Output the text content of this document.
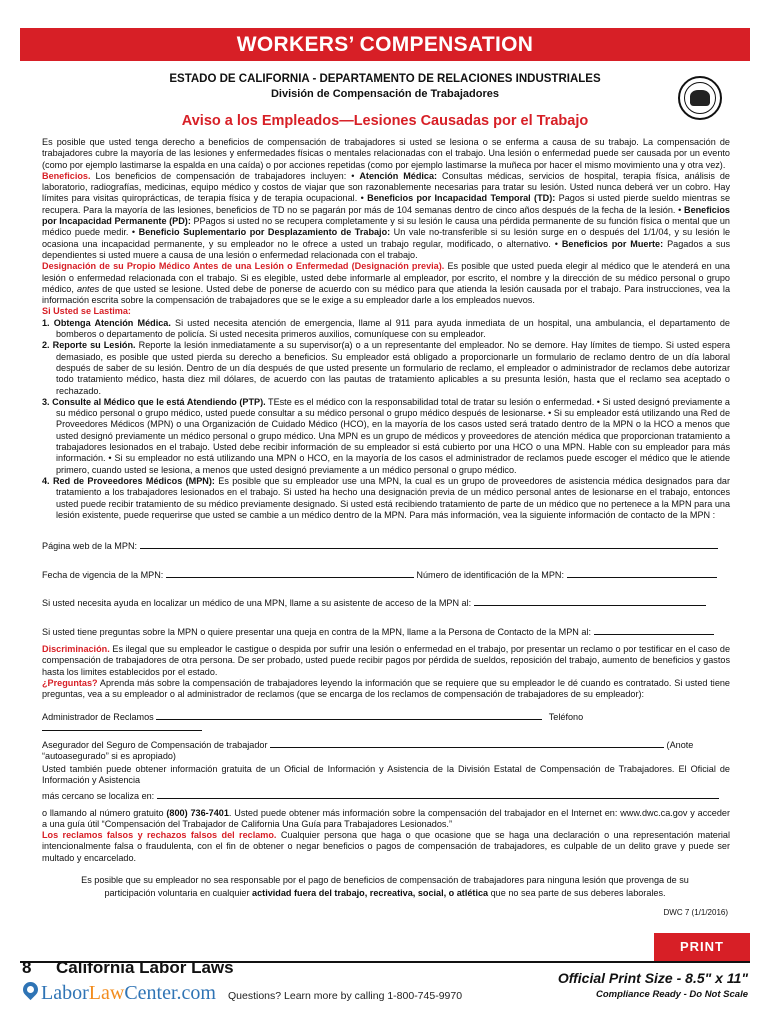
WORKERS’ COMPENSATION
ESTADO DE CALIFORNIA - DEPARTAMENTO DE RELACIONES INDUSTRIALES
División de Compensación de Trabajadores
Aviso a los Empleados—Lesiones Causadas por el Trabajo

Es posible que usted tenga derecho a beneficios de compensación de trabajadores si usted se lesiona o se enferma a causa de su trabajo. La compensación de trabajadores cubre la mayoría de las lesiones y enfermedades físicas o mentales relacionadas con el trabajo. Una lesión o enfermedad puede ser causada por un evento (como por ejemplo lastimarse la espalda en una caída) o por acciones repetidas (como por ejemplo lastimarse la muñeca por hacer el mismo movimiento una y otra vez).

Beneficios. Los beneficios de compensación de trabajadores incluyen: • Atención Médica: Consultas médicas, servicios de hospital, terapia física, análisis de laboratorio, radiografías, medicinas, equipo médico y costos de viajar que son razonablemente necesarias para tratar su lesión. Usted nunca deberá ver un cobro. Hay límites para visitas quiroprácticas, de terapia física y de terapia ocupacional. • Beneficios por Incapacidad Temporal (TD): Pagos si usted pierde sueldo mientras se recupera. Para la mayoría de las lesiones, beneficios de TD no se pagarán por más de 104 semanas dentro de cinco años después de la fecha de la lesión. • Beneficios por Incapacidad Permanente (PD): PPagos si usted no se recupera completamente y si su lesión le causa una pérdida permanente de su función física o mental que un médico puede medir. • Beneficio Suplementario por Desplazamiento de Trabajo: Un vale no-transferible si su lesión surge en o después del 1/1/04, y su lesión le ocasiona una incapacidad permanente, y su empleador no le ofrece a usted un trabajo regular, modificado, o alternativo. • Beneficios por Muerte: Pagados a sus dependientes si usted muere a causa de una lesión o enfermedad relacionada con el trabajo.

Designación de su Propio Médico Antes de una Lesión o Enfermedad (Designación previa). Es posible que usted pueda elegir al médico que le atenderá en una lesión o enfermedad relacionada con el trabajo. Si es elegible, usted debe informarle al empleador, por escrito, el nombre y la dirección de su médico personal o grupo médico, antes de que usted se lesione. Usted debe de ponerse de acuerdo con su médico para que atienda la lesión causada por el trabajo. Para instrucciones, vea la información escrita sobre la compensación de trabajadores que se le exige a su empleador darle a los empleados nuevos.

Si Usted se Lastima:

1. Obtenga Atención Médica. Si usted necesita atención de emergencia, llame al 911 para ayuda inmediata de un hospital, una ambulancia, el departamento de bomberos o departamento de policía. Si usted necesita primeros auxilios, comuníquese con su empleador.
2. Reporte su Lesión. Reporte la lesión inmediatamente a su supervisor(a) o a un representante del empleador. No se demore. Hay límites de tiempo. Si usted espera demasiado, es posible que usted pierda su derecho a beneficios. Su empleador está obligado a proporcionarle un formulario de reclamo dentro de un día laboral después de saber de su lesión. Dentro de un día después de que usted presente un formulario de reclamo, el empleador o administrador de reclamos debe autorizar todo tratamiento médico, hasta diez mil dólares, de acuerdo con las pautas de tratamiento aplicables a su presunta lesión, hasta que el reclamo sea aceptado o rechazado.
3. Consulte al Médico que le está Atendiendo (PTP). TEste es el médico con la responsabilidad total de tratar su lesión o enfermedad. • Si usted designó previamente a su médico personal o grupo médico, usted puede consultar a su médico personal o grupo médico después de lesionarse. • Si su empleador está utilizando una Red de Proveedores Médicos (MPN) o una Organización de Cuidado Médico (HCO), en la mayoría de los casos usted será tratado dentro de la MPN o la HCO a menos que usted designó previamente un médico personal o grupo médico. Una MPN es un grupo de médicos y proveedores de atención médica que proporcionan tratamiento a trabajadores lesionados en el trabajo. Usted debe recibir información de su empleador si está cubierto por una HCO o una MPN. Hable con su empleador para más información. • Si su empleador no está utilizando una MPN o HCO, en la mayoría de los casos el administrador de reclamos puede escoger el médico que le atiende primero, cuando usted se lesiona, a menos que usted designó previamente a un médico personal o grupo médico.
4. Red de Proveedores Médicos (MPN): Es posible que su empleador use una MPN, la cual es un grupo de proveedores de asistencia médica designados para dar tratamiento a los trabajadores lesionados en el trabajo. Si usted ha hecho una designación previa de un médico personal antes de lesionarse en el trabajo, entonces usted puede recibir tratamiento de su médico previamente designado. Si usted está recibiendo tratamiento de parte de un médico que no pertenece a la MPN para una lesión existente, puede requerirse que usted se cambie a un médico dentro de la MPN. Para más información, vea la siguiente información de contacto de la MPN :
Página web de la MPN:
Fecha de vigencia de la MPN:	Número de identificación de la MPN:
Si usted necesita ayuda en localizar un médico de una MPN, llame a su asistente de acceso de la MPN al:
Si usted tiene preguntas sobre la MPN o quiere presentar una queja en contra de la MPN, llame a la Persona de Contacto de la MPN al:
Discriminación. Es ilegal que su empleador le castigue o despida por sufrir una lesión o enfermedad en el trabajo, por presentar un reclamo o por testificar en el caso de compensación de trabajadores de otra persona. De ser probado, usted puede recibir pagos por pérdida de sueldos, reposición del trabajo, aumento de beneficios y gastos hasta los limites establecidos por el estado.
¿Preguntas? Aprenda más sobre la compensación de trabajadores leyendo la información que se requiere que su empleador le dé cuando es contratado. Si usted tiene preguntas, vea a su empleador o al administrador de reclamos (que se encarga de los reclamos de compensación de trabajadores de su empleador):
Administrador de Reclamos	Teléfono
Asegurador del Seguro de Compensación de trabajador	(Anote “autoasegurado” si es apropiado)
Usted también puede obtener información gratuita de un Oficial de Información y Asistencia de la División Estatal de Compensación de Trabajadores. El Oficial de Información y Asistencia
más cercano se localiza en:
o llamando al número gratuito (800) 736-7401. Usted puede obtener más información sobre la compensación del trabajador en el Internet en: www.dwc.ca.gov y acceder a una guía útil “Compensación del Trabajador de California Una Guía para Trabajadores Lesionados.”
Los reclamos falsos y rechazos falsos del reclamo. Cualquier persona que haga o que ocasione que se haga una declaración o una representación material intencionalmente falsa o fraudulenta, con el fin de obtener o negar beneficios o pagos de compensación de trabajadores, es culpable de un delito grave y puede ser multado y encarcelado.
Es posible que su empleador no sea responsable por el pago de beneficios de compensación de trabajadores para ninguna lesión que provenga de su
participación voluntaria en cualquier actividad fuera del trabajo, recreativa, social, o atlética que no sea parte de sus deberes laborales.
DWC 7 (1/1/2016)
PRINT
8 California Labor Laws
LaborLawCenter.com Questions? Learn more by calling 1-800-745-9970
Official Print Size - 8.5" x 11"
Compliance Ready - Do Not Scale
